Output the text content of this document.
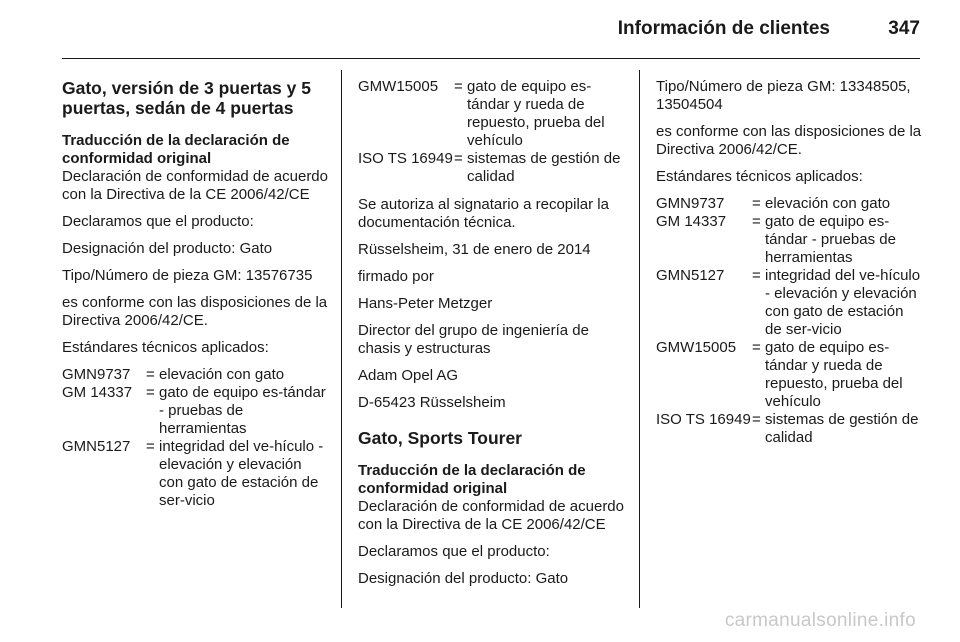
Información de clientes	347
Gato, versión de 3 puertas y 5 puertas, sedán de 4 puertas
Traducción de la declaración de conformidad original
Declaración de conformidad de acuerdo con la Directiva de la CE 2006/42/CE

Declaramos que el producto:

Designación del producto: Gato

Tipo/Número de pieza GM: 13576735

es conforme con las disposiciones de la Directiva 2006/42/CE.

Estándares técnicos aplicados:

GMN9737	= elevación con gato
GM 14337 = gato de equipo es-tándar - pruebas de herramientas
GMN5127	= integridad del ve-hículo - elevación y elevación con gato de estación de ser-vicio
GMW15005	= gato de equipo es-tándar y rueda de repuesto, prueba del vehículo
ISO TS 16949 = sistemas de gestión de calidad

Se autoriza al signatario a recopilar la documentación técnica.

Rüsselsheim, 31 de enero de 2014

firmado por

Hans-Peter Metzger

Director del grupo de ingeniería de chasis y estructuras

Adam Opel AG

D-65423 Rüsselsheim

Gato, Sports Tourer
Traducción de la declaración de conformidad original
Declaración de conformidad de acuerdo con la Directiva de la CE 2006/42/CE

Declaramos que el producto:

Designación del producto: Gato

Tipo/Número de pieza GM: 13348505, 13504504

es conforme con las disposiciones de la Directiva 2006/42/CE.

Estándares técnicos aplicados:

GMN9737	= elevación con gato
GM 14337	= gato de equipo es-tándar - pruebas de herramientas
GMN5127	= integridad del ve-hículo - elevación y elevación con gato de estación de ser-vicio
GMW15005	= gato de equipo es-tándar y rueda de repuesto, prueba del vehículo
ISO TS 16949 = sistemas de gestión de calidad
carmanualsonline.info
